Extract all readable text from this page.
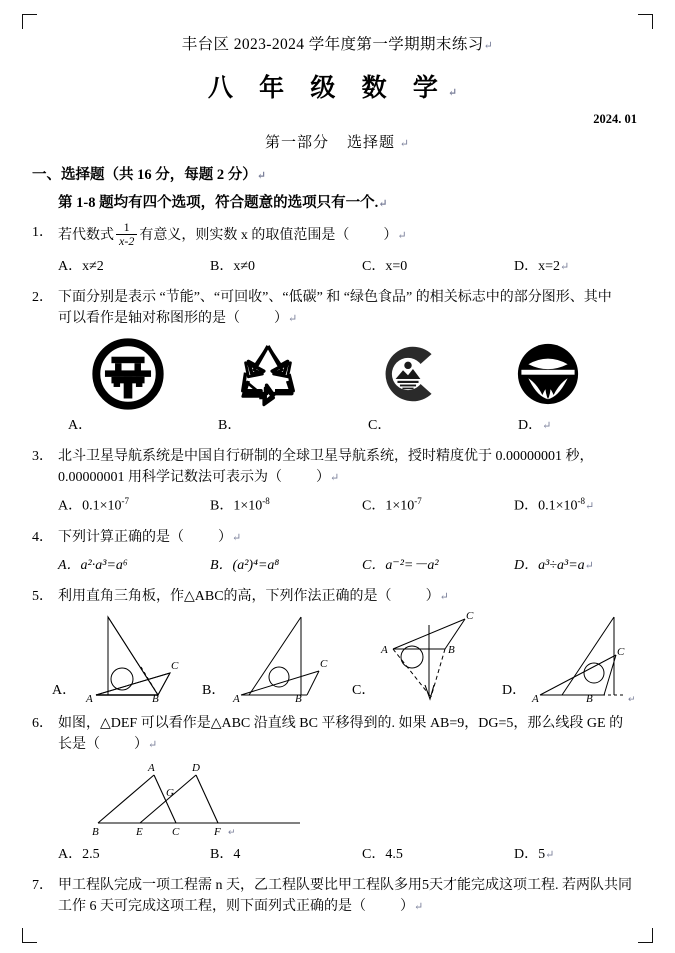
丰台区 2023-2024 学年度第一学期期末练习↵
八 年 级 数 学↵
2024. 01
第一部分 选择题 ↵
一、选择题（共 16 分，每题 2 分）↵
第 1-8 题均有四个选项，符合题意的选项只有一个.↵
1． 若代数式 $\frac{1}{x-2}$ 有意义，则实数 x 的取值范围是（ ）↵
A．x≠2	B．x≠0	C．x=0	D．x=2↵
2． 下面分别是表示 “节能”、“可回收”、“低碳” 和 “绿色食品” 的相关标志中的部分图形、其中
可以看作是轴对称图形的是（ ）↵
A．	B．	C．	D．↵
3． 北斗卫星导航系统是中国自行研制的全球卫星导航系统，授时精度优于 0.00000001 秒，
0.00000001 用科学记数法可表示为（ ）↵
A．$0.1\times 10^{-7}$	B．$1\times 10^{-8}$	C．$1\times 10^{-7}$	D．$0.1\times 10^{-8}↵$
4． 下列计算正确的是（ ）↵
A．a²·a³=a⁶	B．(a²)⁴=a⁸	C．a⁻²=－a²	D．a³÷a³=a↵
5． 利用直角三角板，作△ABC的高，下列作法正确的是（ ）↵
A．
A	B
C
B．
A	B
C
C．
A	B
C
D．
A	B
C
↵
6． 如图，△DEF 可以看作是△ABC 沿直线 BC 平移得到的. 如果 AB=9，DG=5，那么线段 GE 的
长是（ ）↵
A	D
G
B	E	C	F ↵
A．2.5	B．4	C．4.5	D．5↵
7． 甲工程队完成一项工程需 n 天，乙工程队要比甲工程队多用5天才能完成这项工程. 若两队共同
工作 6 天可完成这项工程，则下面列式正确的是（ ）↵
